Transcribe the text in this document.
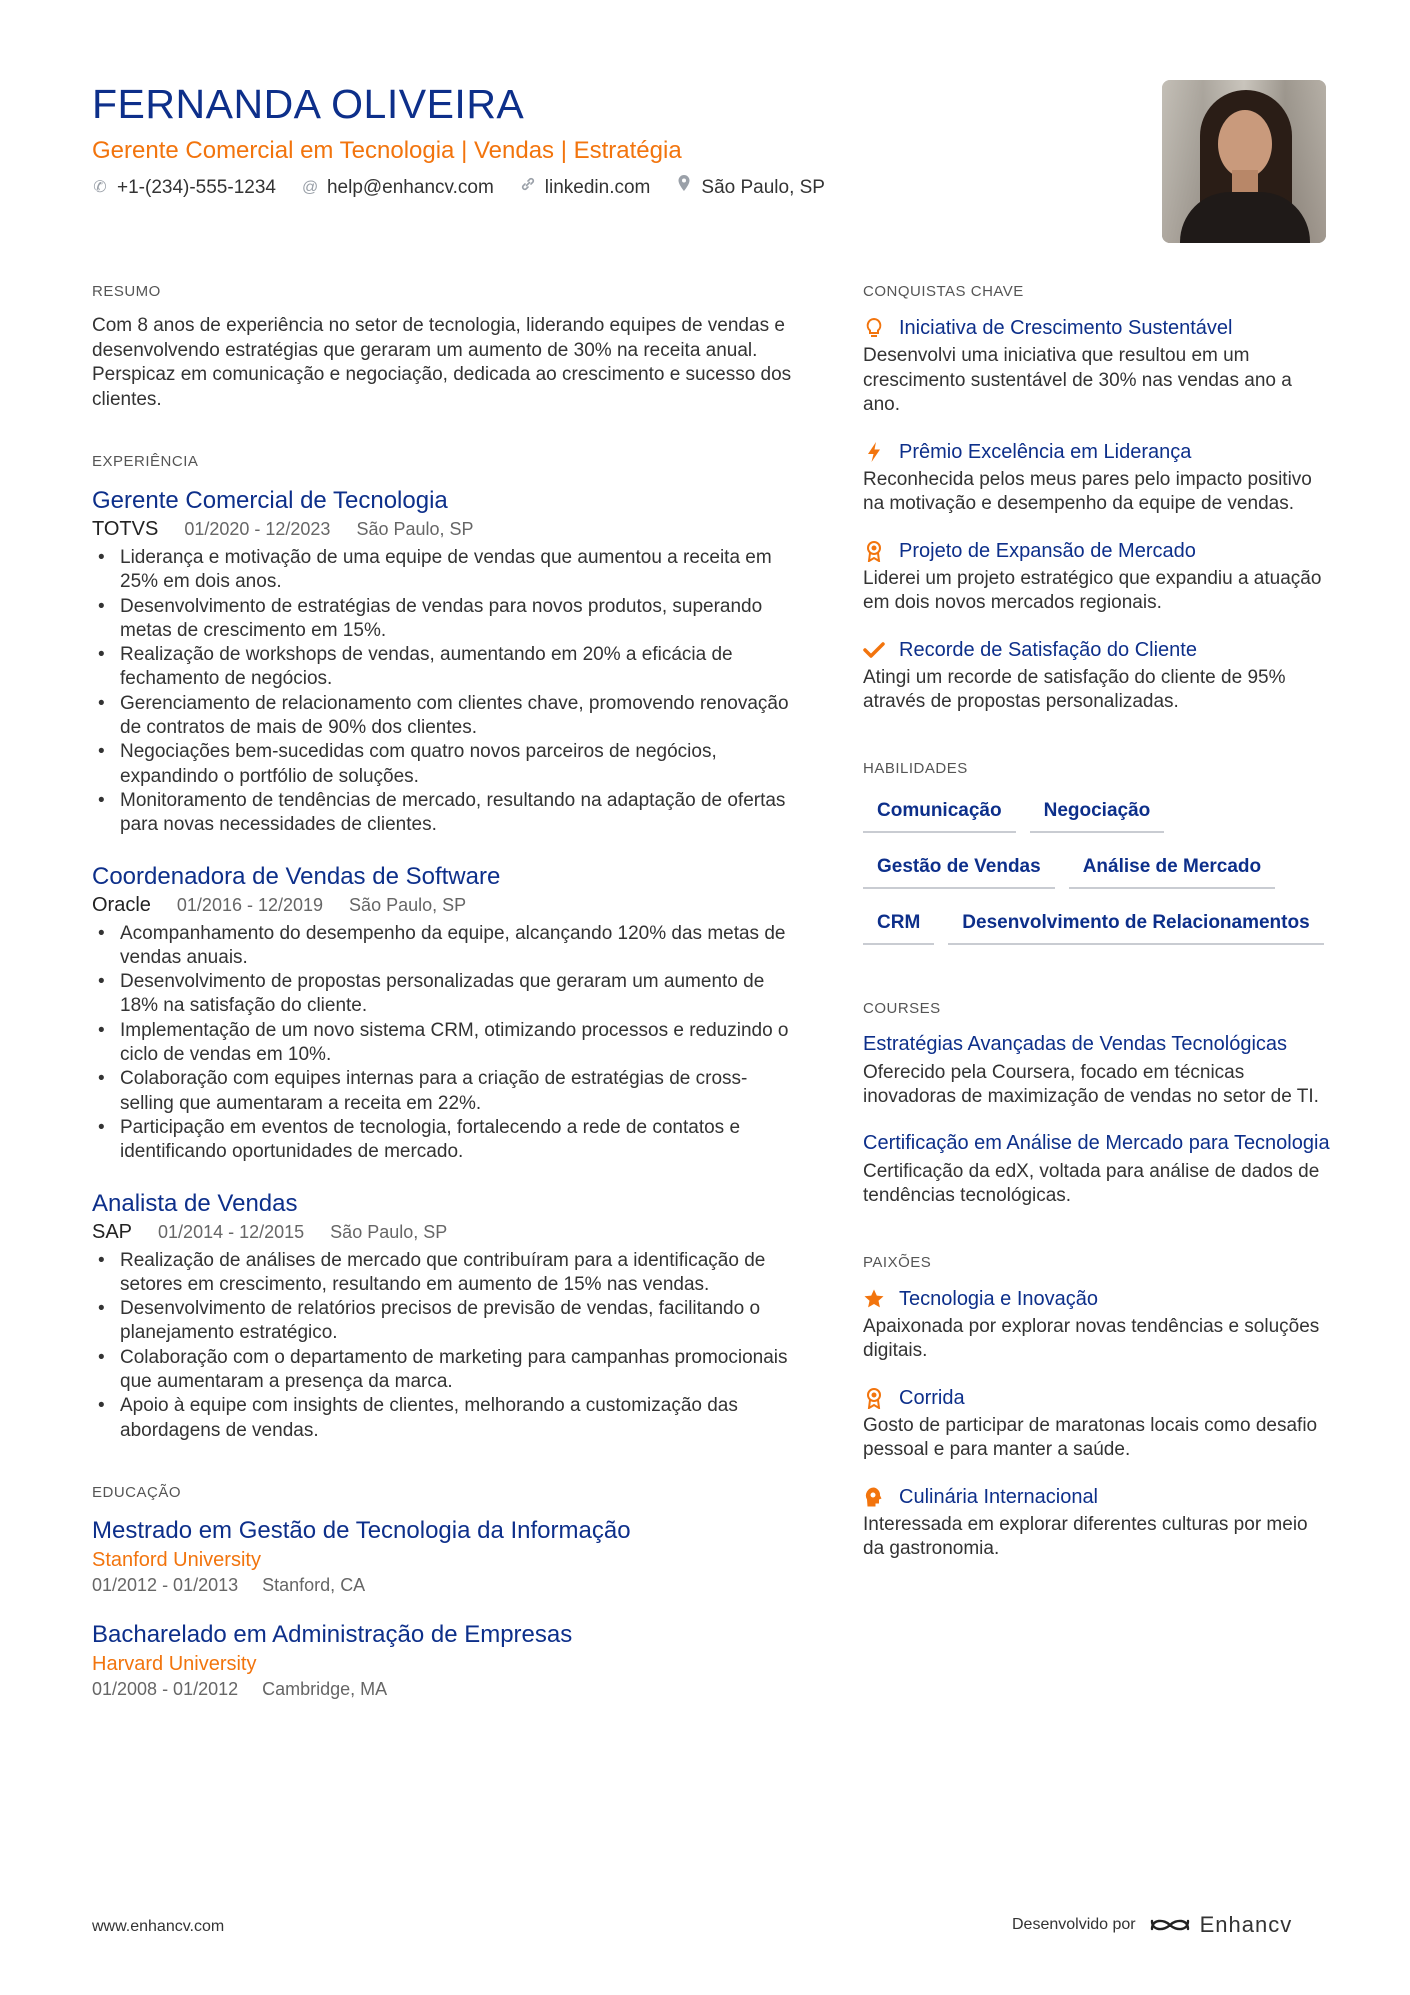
FERNANDA OLIVEIRA
Gerente Comercial em Tecnologia | Vendas | Estratégia
✆ +1-(234)-555-1234 @ help@enhancv.com	linkedin.com	São Paulo, SP
RESUMO
Com 8 anos de experiência no setor de tecnologia, liderando equipes de vendas e desenvolvendo estratégias que geraram um aumento de 30% na receita anual. Perspicaz em comunicação e negociação, dedicada ao crescimento e sucesso dos clientes.
EXPERIÊNCIA
Gerente Comercial de Tecnologia
TOTVS 01/2020 - 12/2023 São Paulo, SP
• Liderança e motivação de uma equipe de vendas que aumentou a receita em 25% em dois anos.
• Desenvolvimento de estratégias de vendas para novos produtos, superando metas de crescimento em 15%.
• Realização de workshops de vendas, aumentando em 20% a eficácia de fechamento de negócios.
• Gerenciamento de relacionamento com clientes chave, promovendo renovação de contratos de mais de 90% dos clientes.
• Negociações bem-sucedidas com quatro novos parceiros de negócios, expandindo o portfólio de soluções.
• Monitoramento de tendências de mercado, resultando na adaptação de ofertas para novas necessidades de clientes.
Coordenadora de Vendas de Software
Oracle 01/2016 - 12/2019 São Paulo, SP
• Acompanhamento do desempenho da equipe, alcançando 120% das metas de vendas anuais.
• Desenvolvimento de propostas personalizadas que geraram um aumento de 18% na satisfação do cliente.
• Implementação de um novo sistema CRM, otimizando processos e reduzindo o ciclo de vendas em 10%.
• Colaboração com equipes internas para a criação de estratégias de cross-selling que aumentaram a receita em 22%.
• Participação em eventos de tecnologia, fortalecendo a rede de contatos e identificando oportunidades de mercado.
Analista de Vendas
SAP 01/2014 - 12/2015 São Paulo, SP
• Realização de análises de mercado que contribuíram para a identificação de setores em crescimento, resultando em aumento de 15% nas vendas.
• Desenvolvimento de relatórios precisos de previsão de vendas, facilitando o planejamento estratégico.
• Colaboração com o departamento de marketing para campanhas promocionais que aumentaram a presença da marca.
• Apoio à equipe com insights de clientes, melhorando a customização das abordagens de vendas.
EDUCAÇÃO
Mestrado em Gestão de Tecnologia da Informação
Stanford University
01/2012 - 01/2013 Stanford, CA
Bacharelado em Administração de Empresas
Harvard University
01/2008 - 01/2012 Cambridge, MA
CONQUISTAS CHAVE
Iniciativa de Crescimento Sustentável
Desenvolvi uma iniciativa que resultou em um crescimento sustentável de 30% nas vendas ano a ano.
Prêmio Excelência em Liderança
Reconhecida pelos meus pares pelo impacto positivo na motivação e desempenho da equipe de vendas.
Projeto de Expansão de Mercado
Liderei um projeto estratégico que expandiu a atuação em dois novos mercados regionais.
Recorde de Satisfação do Cliente
Atingi um recorde de satisfação do cliente de 95% através de propostas personalizadas.
HABILIDADES
Comunicação	Negociação
Gestão de Vendas	Análise de Mercado
CRM	Desenvolvimento de Relacionamentos
COURSES
Estratégias Avançadas de Vendas Tecnológicas
Oferecido pela Coursera, focado em técnicas inovadoras de maximização de vendas no setor de TI.
Certificação em Análise de Mercado para Tecnologia
Certificação da edX, voltada para análise de dados de tendências tecnológicas.
PAIXÕES
Tecnologia e Inovação
Apaixonada por explorar novas tendências e soluções digitais.
Corrida
Gosto de participar de maratonas locais como desafio pessoal e para manter a saúde.
Culinária Internacional
Interessada em explorar diferentes culturas por meio da gastronomia.
www.enhancv.com	Desenvolvido por	Enhancv
